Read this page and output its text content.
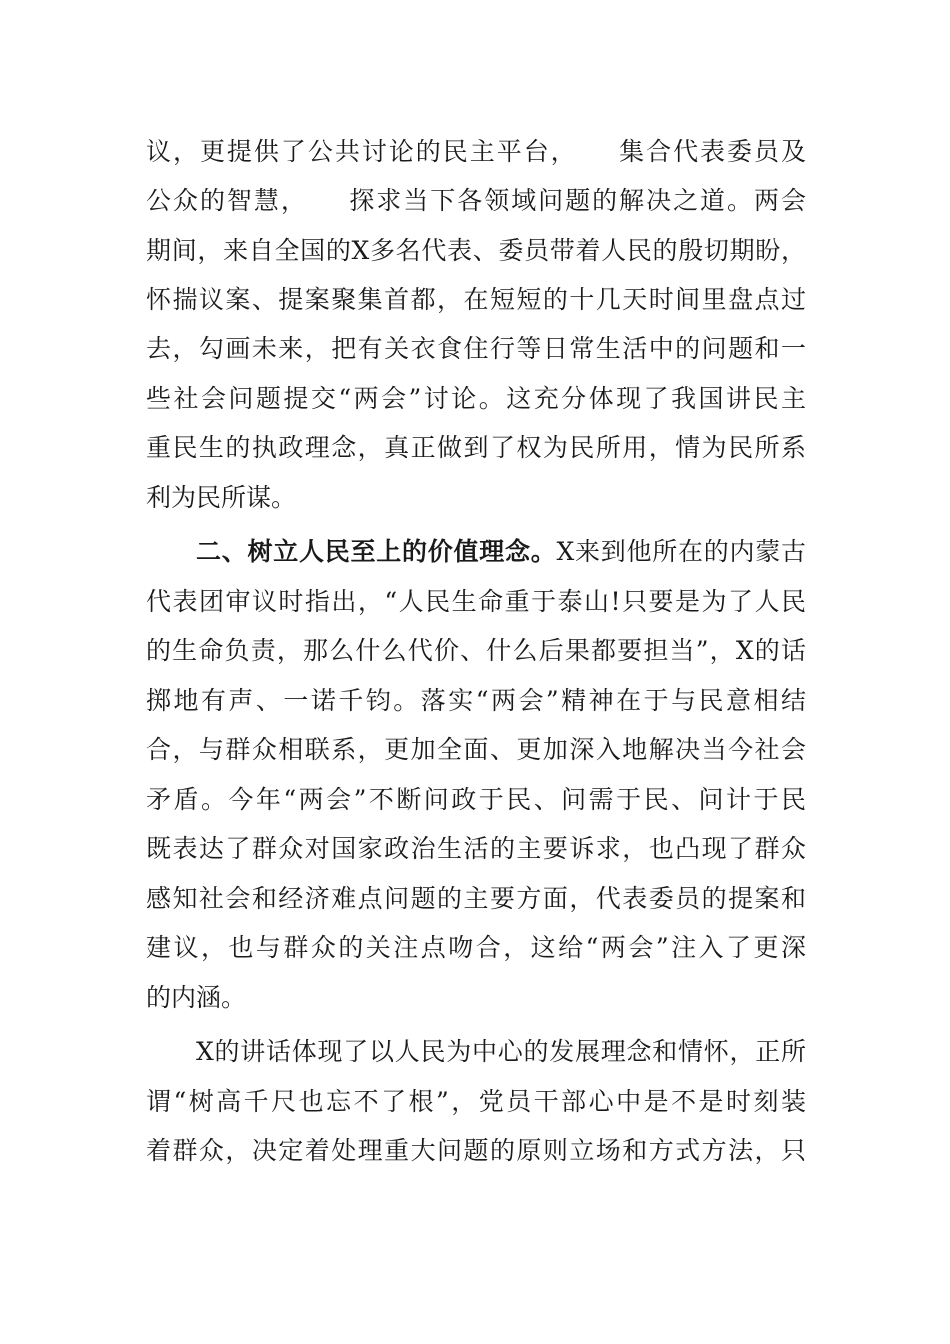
议，更提供了公共讨论的民主平台，　　集合代表委员及
公众的智慧，　　探求当下各领域问题的解决之道。两会
期间，来自全国的X多名代表、委员带着人民的殷切期盼，
怀揣议案、提案聚集首都，在短短的十几天时间里盘点过
去，勾画未来，把有关衣食住行等日常生活中的问题和一
些社会问题提交“两会”讨论。这充分体现了我国讲民主
重民生的执政理念，真正做到了权为民所用，情为民所系
利为民所谋。
二、树立人民至上的价值理念。X来到他所在的内蒙古
代表团审议时指出，“人民生命重于泰山!只要是为了人民
的生命负责，那么什么代价、什么后果都要担当”，X的话
掷地有声、一诺千钧。落实“两会”精神在于与民意相结
合，与群众相联系，更加全面、更加深入地解决当今社会
矛盾。今年“两会”不断问政于民、问需于民、问计于民
既表达了群众对国家政治生活的主要诉求，也凸现了群众
感知社会和经济难点问题的主要方面，代表委员的提案和
建议，也与群众的关注点吻合，这给“两会”注入了更深
的内涵。
X的讲话体现了以人民为中心的发展理念和情怀，正所
谓“树高千尺也忘不了根”，党员干部心中是不是时刻装
着群众，决定着处理重大问题的原则立场和方式方法，只
